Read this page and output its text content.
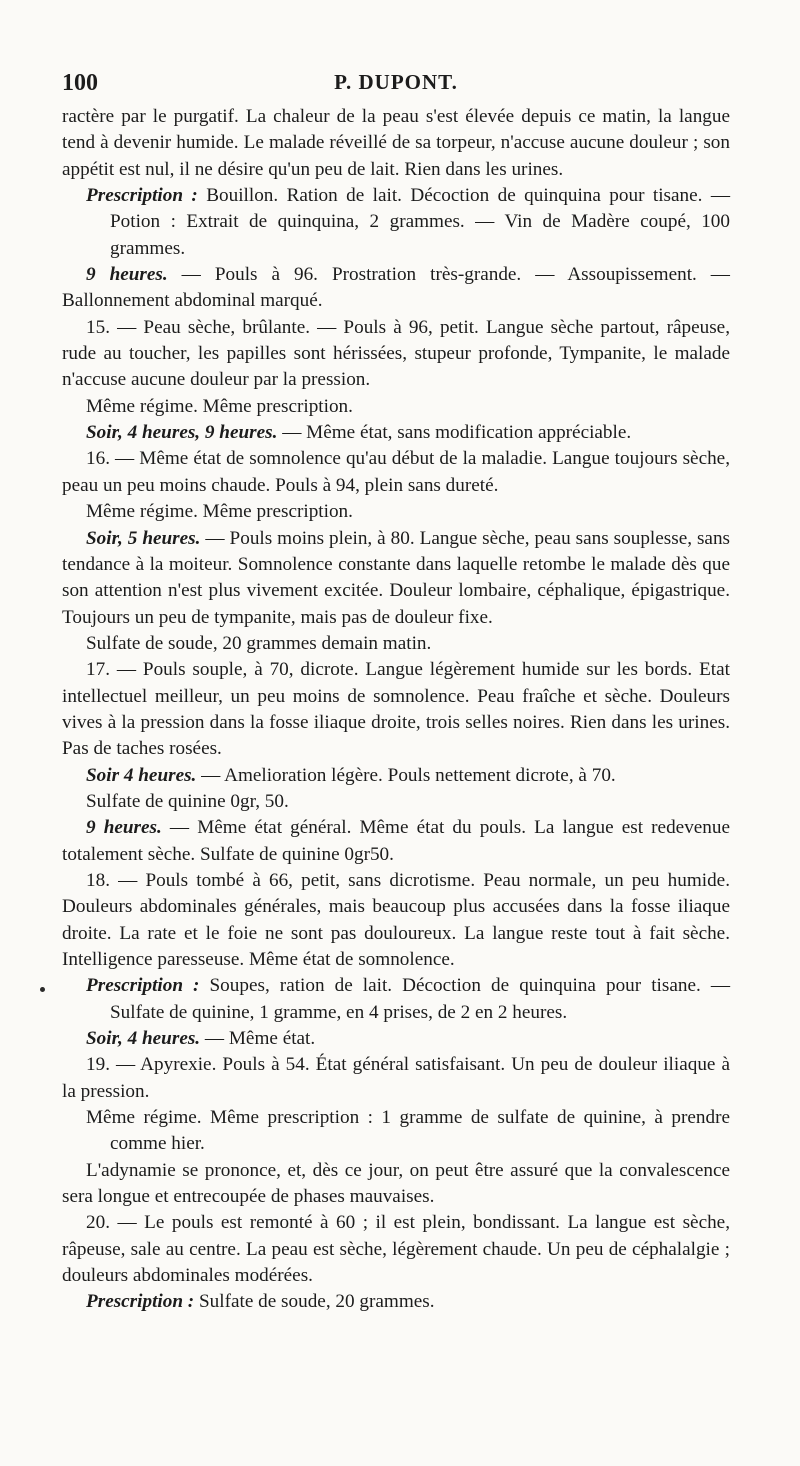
100	P. DUPONT.

ractère par le purgatif. La chaleur de la peau s'est élevée depuis ce matin, la langue tend à devenir humide. Le malade réveillé de sa torpeur, n'accuse aucune douleur ; son appétit est nul, il ne désire qu'un peu de lait. Rien dans les urines.

Prescription : Bouillon. Ration de lait. Décoction de quinquina pour tisane. — Potion : Extrait de quinquina, 2 grammes. — Vin de Madère coupé, 100 grammes.

9 heures. — Pouls à 96. Prostration très-grande. — Assoupissement. — Ballonnement abdominal marqué.

15. — Peau sèche, brûlante. — Pouls à 96, petit. Langue sèche partout, râpeuse, rude au toucher, les papilles sont hérissées, stupeur profonde, Tympanite, le malade n'accuse aucune douleur par la pression.

Même régime. Même prescription.

Soir, 4 heures, 9 heures. — Même état, sans modification appréciable.

16. — Même état de somnolence qu'au début de la maladie. Langue toujours sèche, peau un peu moins chaude. Pouls à 94, plein sans dureté.

Même régime. Même prescription.

Soir, 5 heures. — Pouls moins plein, à 80. Langue sèche, peau sans souplesse, sans tendance à la moiteur. Somnolence constante dans laquelle retombe le malade dès que son attention n'est plus vivement excitée. Douleur lombaire, céphalique, épigastrique. Toujours un peu de tympanite, mais pas de douleur fixe.

Sulfate de soude, 20 grammes demain matin.

17. — Pouls souple, à 70, dicrote. Langue légèrement humide sur les bords. Etat intellectuel meilleur, un peu moins de somnolence. Peau fraîche et sèche. Douleurs vives à la pression dans la fosse iliaque droite, trois selles noires. Rien dans les urines. Pas de taches rosées.

Soir 4 heures. — Amelioration légère. Pouls nettement dicrote, à 70.

Sulfate de quinine 0gr, 50.

9 heures. — Même état général. Même état du pouls. La langue est redevenue totalement sèche. Sulfate de quinine 0gr50.

18. — Pouls tombé à 66, petit, sans dicrotisme. Peau normale, un peu humide. Douleurs abdominales générales, mais beaucoup plus accusées dans la fosse iliaque droite. La rate et le foie ne sont pas douloureux. La langue reste tout à fait sèche. Intelligence paresseuse. Même état de somnolence.

Prescription : Soupes, ration de lait. Décoction de quinquina pour tisane. — Sulfate de quinine, 1 gramme, en 4 prises, de 2 en 2 heures.

Soir, 4 heures. — Même état.

19. — Apyrexie. Pouls à 54. État général satisfaisant. Un peu de douleur iliaque à la pression.

Même régime. Même prescription : 1 gramme de sulfate de quinine, à prendre comme hier.

L'adynamie se prononce, et, dès ce jour, on peut être assuré que la convalescence sera longue et entrecoupée de phases mauvaises.

20. — Le pouls est remonté à 60 ; il est plein, bondissant. La langue est sèche, râpeuse, sale au centre. La peau est sèche, légèrement chaude. Un peu de céphalalgie ; douleurs abdominales modérées.

Prescription : Sulfate de soude, 20 grammes.
